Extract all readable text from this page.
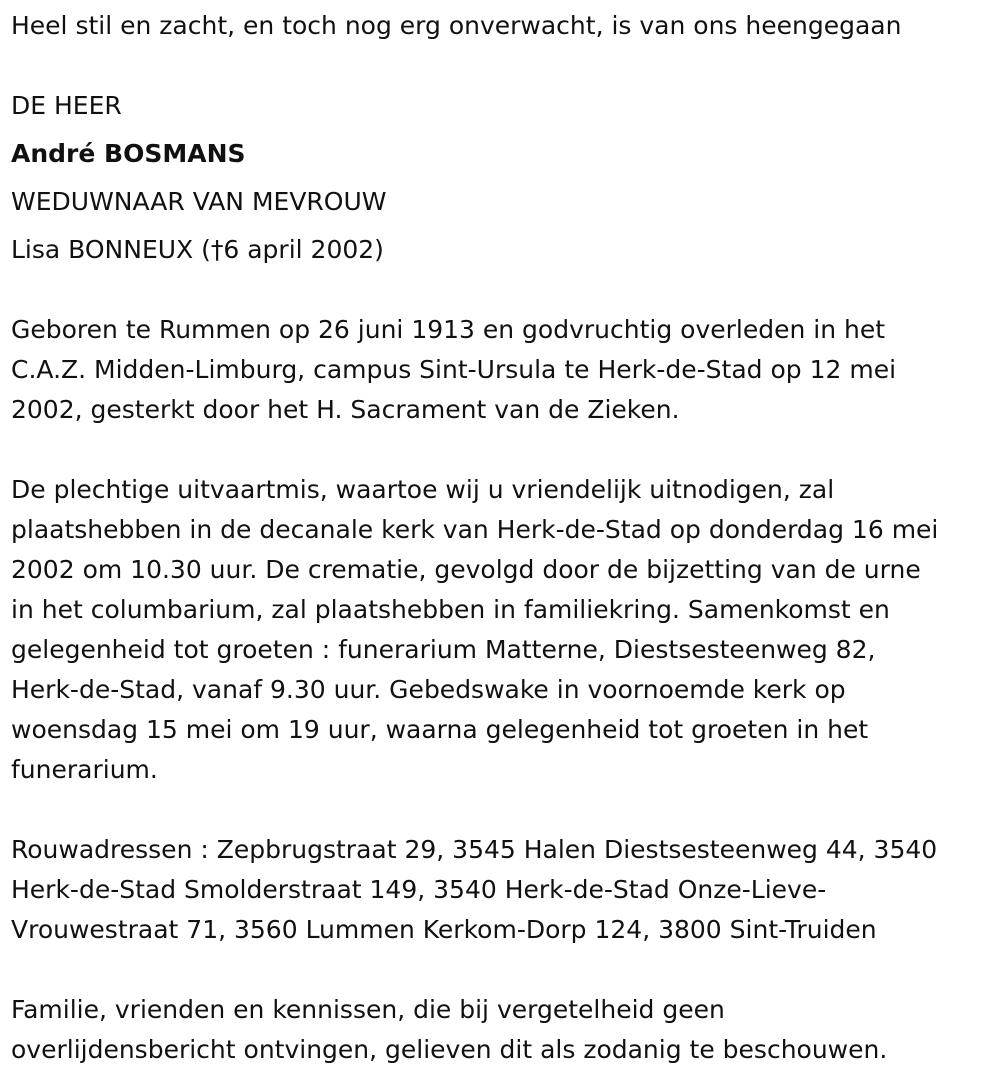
Heel stil en zacht, en toch nog erg onverwacht, is van ons heengegaan

DE HEER

André BOSMANS

WEDUWNAAR VAN MEVROUW

Lisa BONNEUX (†6 april 2002)

Geboren te Rummen op 26 juni 1913 en godvruchtig overleden in het

C.A.Z. Midden-Limburg, campus Sint-Ursula te Herk-de-Stad op 12 mei

2002, gesterkt door het H. Sacrament van de Zieken.

De plechtige uitvaartmis, waartoe wij u vriendelijk uitnodigen, zal

plaatshebben in de decanale kerk van Herk-de-Stad op donderdag 16 mei

2002 om 10.30 uur. De crematie, gevolgd door de bijzetting van de urne

in het columbarium, zal plaatshebben in familiekring. Samenkomst en

gelegenheid tot groeten : funerarium Matterne, Diestsesteenweg 82,

Herk-de-Stad, vanaf 9.30 uur. Gebedswake in voornoemde kerk op

woensdag 15 mei om 19 uur, waarna gelegenheid tot groeten in het

funerarium.

Rouwadressen : Zepbrugstraat 29, 3545 Halen Diestsesteenweg 44, 3540

Herk-de-Stad Smolderstraat 149, 3540 Herk-de-Stad Onze-Lieve-

Vrouwestraat 71, 3560 Lummen Kerkom-Dorp 124, 3800 Sint-Truiden

Familie, vrienden en kennissen, die bij vergetelheid geen

overlijdensbericht ontvingen, gelieven dit als zodanig te beschouwen.
